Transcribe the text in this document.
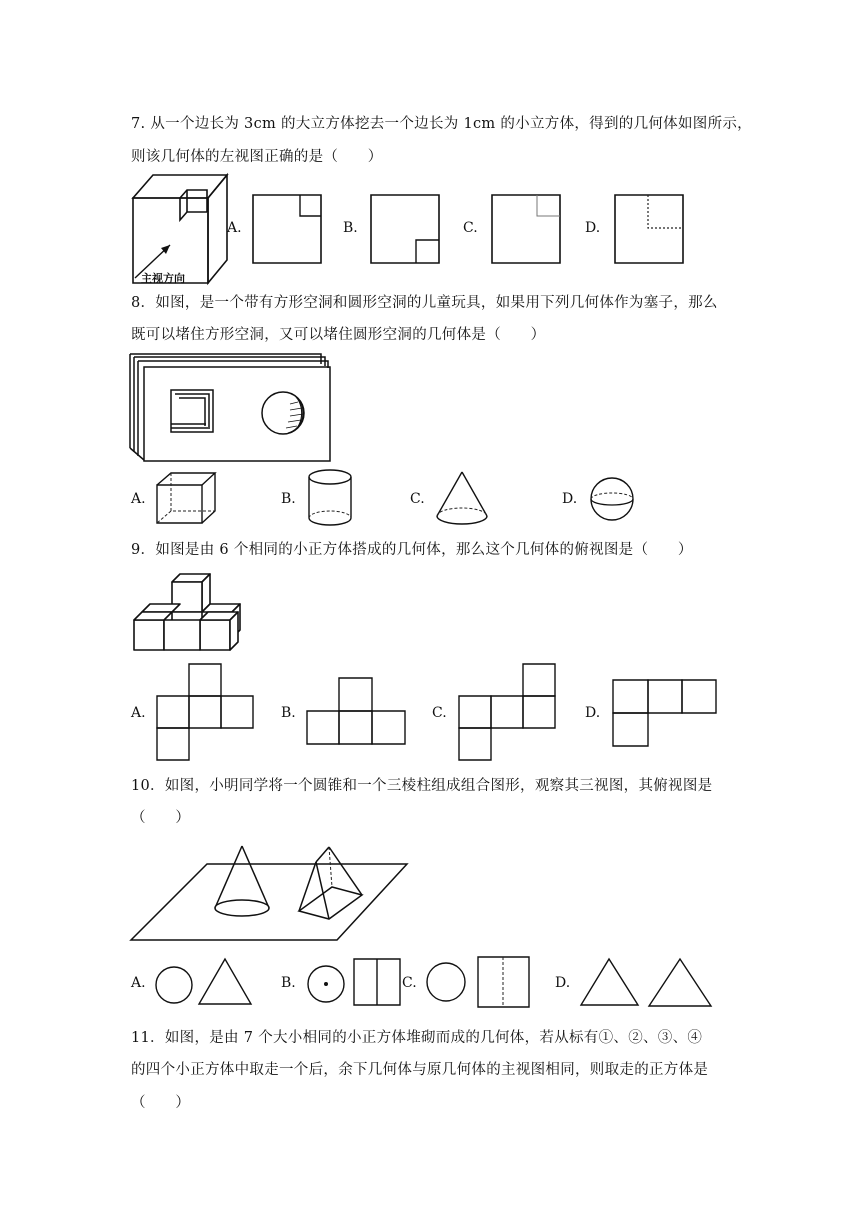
7. 从一个边长为 3cm 的大立方体挖去一个边长为 1cm 的小立方体，得到的几何体如图所示，
则该几何体的左视图正确的是（　　）
主视方向
A.	B.	C.	D.
8．如图，是一个带有方形空洞和圆形空洞的儿童玩具，如果用下列几何体作为塞子，那么
既可以堵住方形空洞，又可以堵住圆形空洞的几何体是（　　）
A.	B.	C.	D.
9．如图是由 6 个相同的小正方体搭成的几何体，那么这个几何体的俯视图是（　　）
A.	B.	C.	D.
10．如图，小明同学将一个圆锥和一个三棱柱组成组合图形，观察其三视图，其俯视图是
（　　）
A.	B.	C.	D.
11．如图，是由 7 个大小相同的小正方体堆砌而成的几何体，若从标有①、②、③、④
的四个小正方体中取走一个后，余下几何体与原几何体的主视图相同，则取走的正方体是
（　　）
